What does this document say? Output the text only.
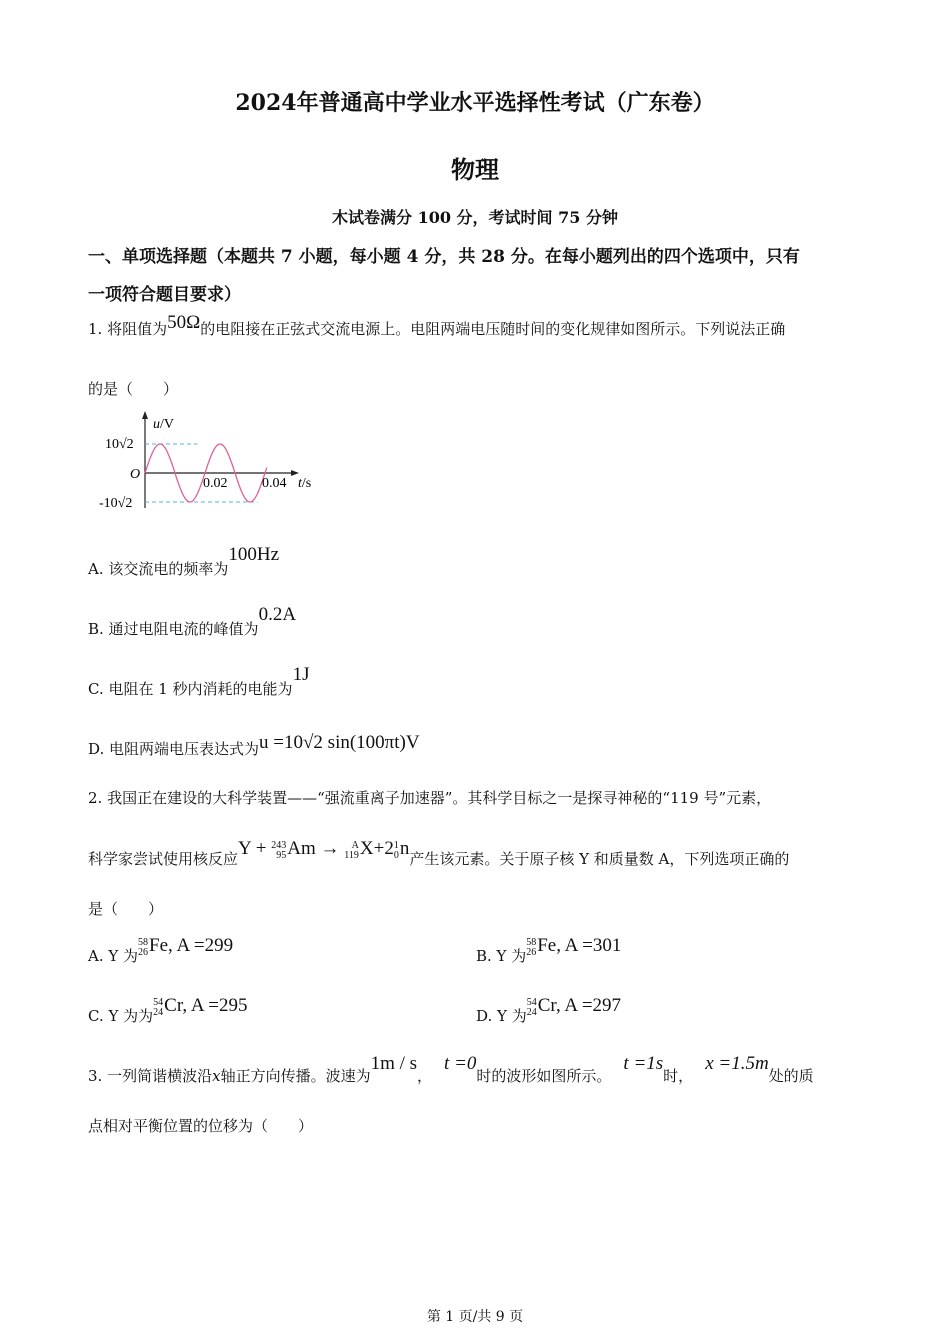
2024年普通高中学业水平选择性考试（广东卷）
物理
木试卷满分 100 分，考试时间 75 分钟
一、单项选择题（本题共 7 小题，每小题 4 分，共 28 分。在每小题列出的四个选项中，只有
一项符合题目要求）
1. 将阻值为50Ω的电阻接在正弦式交流电源上。电阻两端电压随时间的变化规律如图所示。下列说法正确
的是（　　）
u/V
10√2
O
-10√2
0.02 0.04 t/s
A. 该交流电的频率为100Hz
B. 通过电阻电流的峰值为0.2A
C. 电阻在 1 秒内消耗的电能为1J
D. 电阻两端电压表达式为u =10√2 sin(100πt)V
2. 我国正在建设的大科学装置——“强流重离子加速器”。其科学目标之一是探寻神秘的“119 号”元素，
科学家尝试使用核反应Y + 243
95 Am → A
119 X+2 1
0 n产生该元素。关于原子核 Y 和质量数 A，下列选项正确的
是（　　）
A. Y 为
58
26 Fe, A =299	B. Y 为
58
26 Fe, A =301
C. Y 为为
54
24 Cr, A =295	D. Y 为
54
24 Cr, A =297
3. 一列简谐横波沿x轴正方向传播。波速为1m / s，t =0时的波形如图所示。t =1s时，x =1.5m处的质
点相对平衡位置的位移为（　　）
第 1 页/共 9 页
